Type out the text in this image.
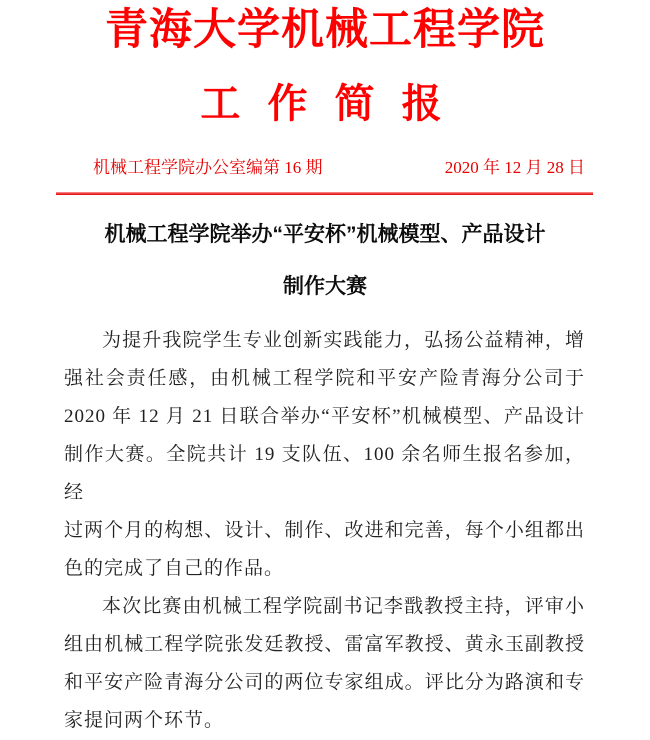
青海大学机械工程学院
工 作 简 报
机械工程学院办公室编第 16 期	2020 年 12 月 28 日
机械工程学院举办“平安杯”机械模型、产品设计
制作大赛

为提升我院学生专业创新实践能力，弘扬公益精神，增

强社会责任感，由机械工程学院和平安产险青海分公司于

2020 年 12 月 21 日联合举办“平安杯”机械模型、产品设计

制作大赛。全院共计 19 支队伍、100 余名师生报名参加，经

过两个月的构想、设计、制作、改进和完善，每个小组都出

色的完成了自己的作品。

本次比赛由机械工程学院副书记李戬教授主持，评审小

组由机械工程学院张发廷教授、雷富军教授、黄永玉副教授

和平安产险青海分公司的两位专家组成。评比分为路演和专

家提问两个环节。
